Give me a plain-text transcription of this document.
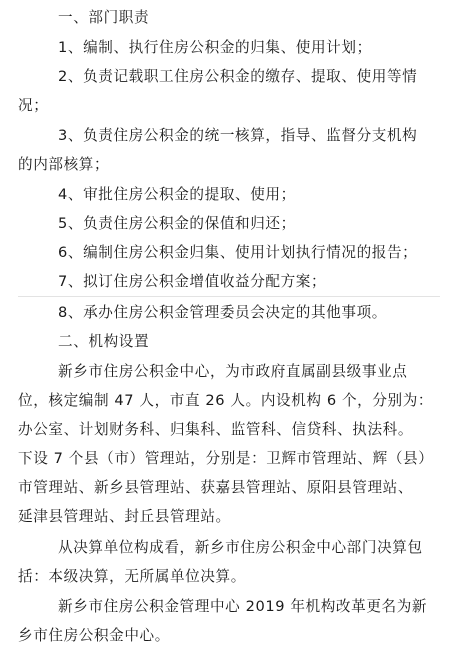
一、部门职责
1、编制、执行住房公积金的归集、使用计划；
2、负责记载职工住房公积金的缴存、提取、使用等情
况；
3、负责住房公积金的统一核算，指导、监督分支机构
的内部核算；
4、审批住房公积金的提取、使用；
5、负责住房公积金的保值和归还；
6、编制住房公积金归集、使用计划执行情况的报告；
7、拟订住房公积金增值收益分配方案；
8、承办住房公积金管理委员会决定的其他事项。
二、机构设置
新乡市住房公积金中心，为市政府直属副县级事业点
位，核定编制 47 人，市直 26 人。内设机构 6 个，分别为：
办公室、计划财务科、归集科、监管科、信贷科、执法科。
下设 7 个县（市）管理站，分别是：卫辉市管理站、辉（县）
市管理站、新乡县管理站、获嘉县管理站、原阳县管理站、
延津县管理站、封丘县管理站。
从决算单位构成看，新乡市住房公积金中心部门决算包
括：本级决算，无所属单位决算。
新乡市住房公积金管理中心 2019 年机构改革更名为新
乡市住房公积金中心。
